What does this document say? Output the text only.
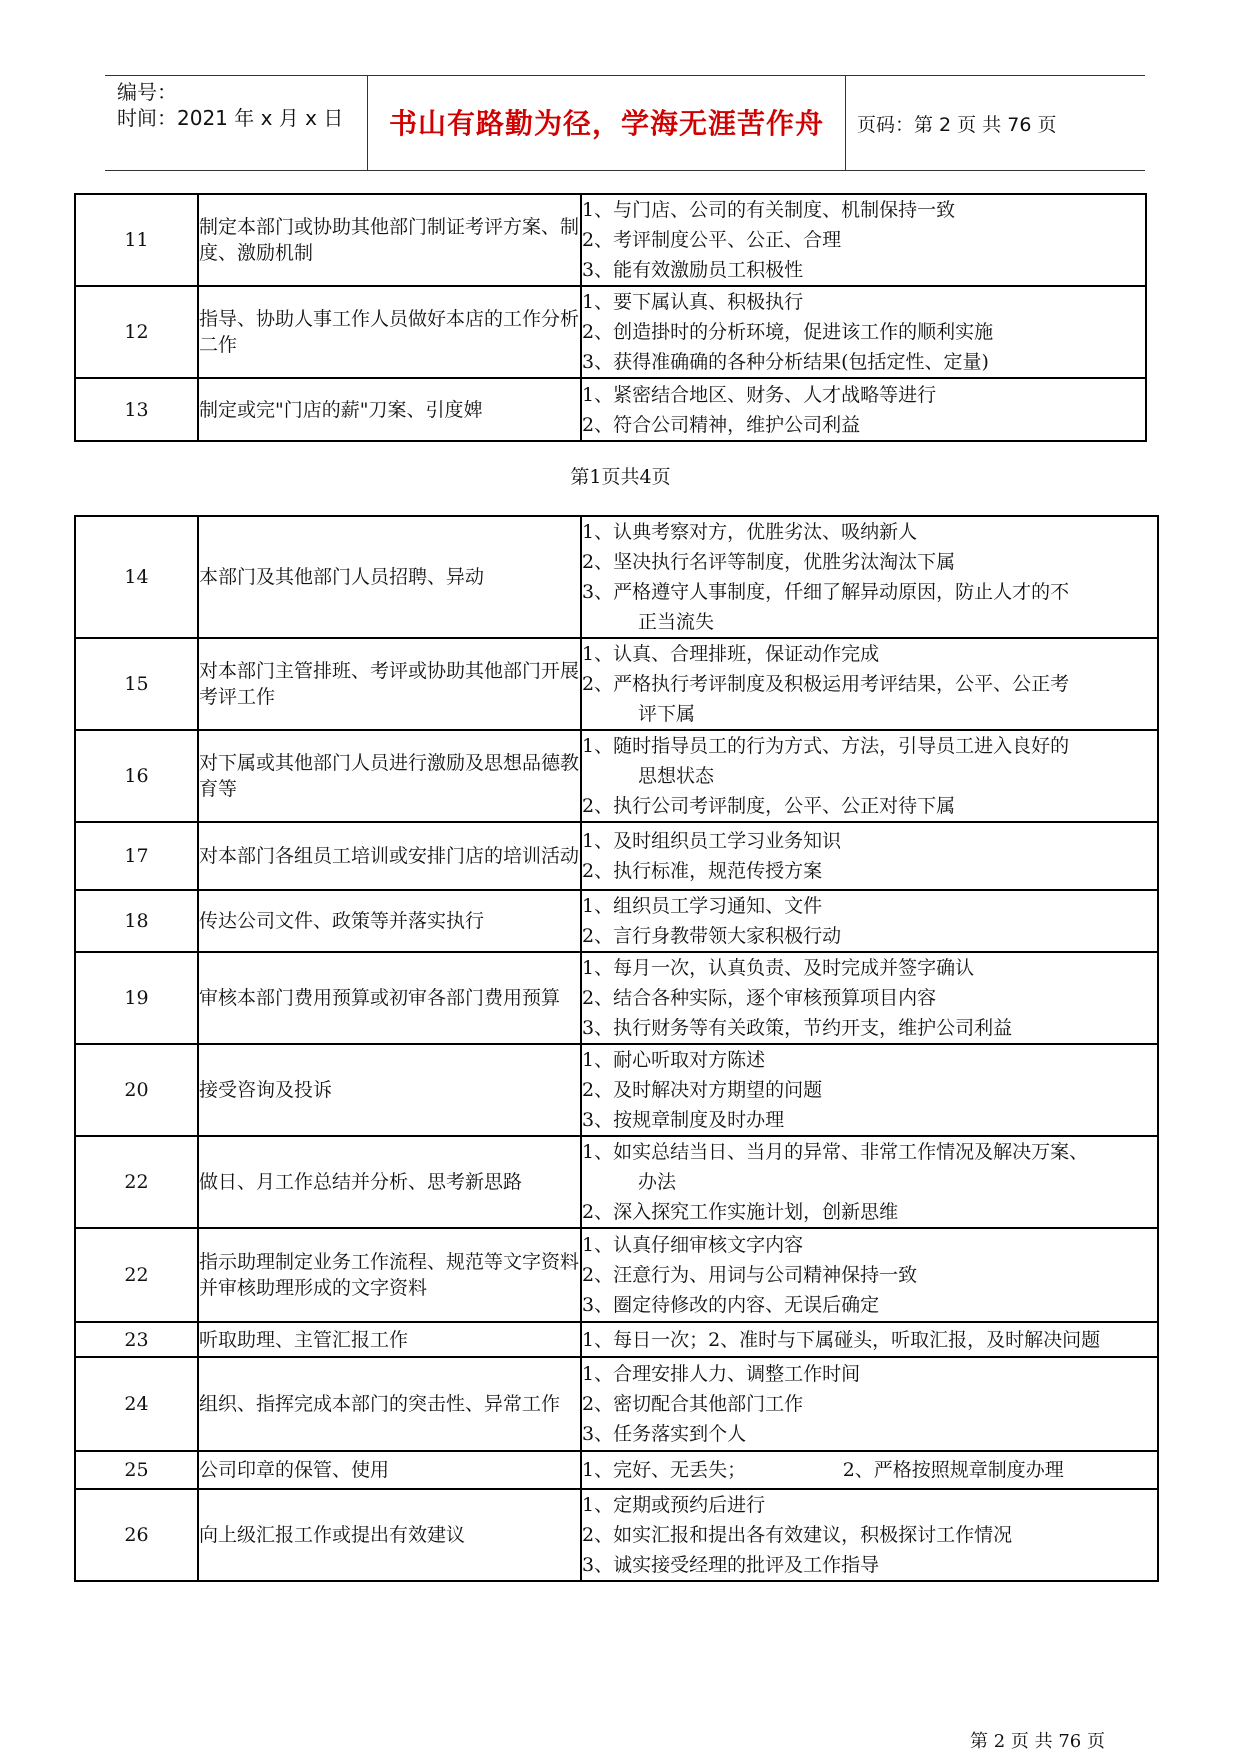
编号：
时间：2021 年 x 月 x 日	书山有路勤为径，学海无涯苦作舟	页码：第 2 页 共 76 页
11	制定本部门或协助其他部门制证考评方案、制度、激励机制	1、与门店、公司的有关制度、机制保持一致
2、考评制度公平、公正、合理
3、能有效激励员工积极性

12	指导、协助人事工作人员做好本店的工作分析二作	1、要下属认真、积极执行
2、创造掛时的分析环境，促进该工作的顺利实施
3、获得准确确的各种分析结果(包括定性、定量)

13	制定或完"门店的薪"刀案、引度婢	1、紧密结合地区、财务、人才战略等进行
2、符合公司精神，维护公司利益
第1页共4页
14	本部门及其他部门人员招聘、异动	1、认典考察对方，优胜劣汰、吸纳新人
2、坚决执行名评等制度，优胜劣汰淘汰下属
3、严格遵守人事制度，仟细了解异动原因，防止人才的不
正当流失

15	对本部门主管排班、考评或协助其他部门开展考评工作	1、认真、合理排班，保证动作完成
2、严格执行考评制度及积极运用考评结果，公平、公正考
评下属

16	对下属或其他部门人员进行激励及思想品德教育等	1、随时指导员工的行为方式、方法，引导员工进入良好的
思想状态
2、执行公司考评制度，公平、公正对待下属

17	对本部门各组员工培训或安排门店的培训活动	1、及时组织员工学习业务知识
2、执行标准，规范传授方案

18	传达公司文件、政策等并落实执行	1、组织员工学习通知、文件
2、言行身教带领大家积极行动

19	审核本部门费用预算或初审各部门费用预算	1、每月一次，认真负责、及时完成并签字确认
2、结合各种实际，逐个审核预算项目内容
3、执行财务等有关政策，节约开支，维护公司利益

20	接受咨询及投诉	1、耐心听取对方陈述
2、及时解决对方期望的问题
3、按规章制度及时办理

22	做日、月工作总结并分析、思考新思路	1、如实总结当日、当月的异常、非常工作情况及解决万案、
办法
2、深入探究工作实施计划，创新思维

22	指示助理制定业务工作流程、规范等文字资料并审核助理形成的文字资料	1、认真仔细审核文字内容
2、汪意行为、用词与公司精神保持一致
3、圈定待修改的内容、无误后确定

23	听取助理、主管汇报工作	1、每日一次；2、准时与下属碰头，听取汇报，及时解决问题

24	组织、指挥完成本部门的突击性、异常工作	1、合理安排人力、调整工作时间
2、密切配合其他部门工作
3、任务落实到个人

25	公司印章的保管、使用	1、完好、无丢失；                2、严格按照规章制度办理

26	向上级汇报工作或提出有效建议	1、定期或预约后进行
2、如实汇报和提出各有效建议，积极探讨工作情况
3、诚实接受经理的批评及工作指导
第 2 页 共 76 页
